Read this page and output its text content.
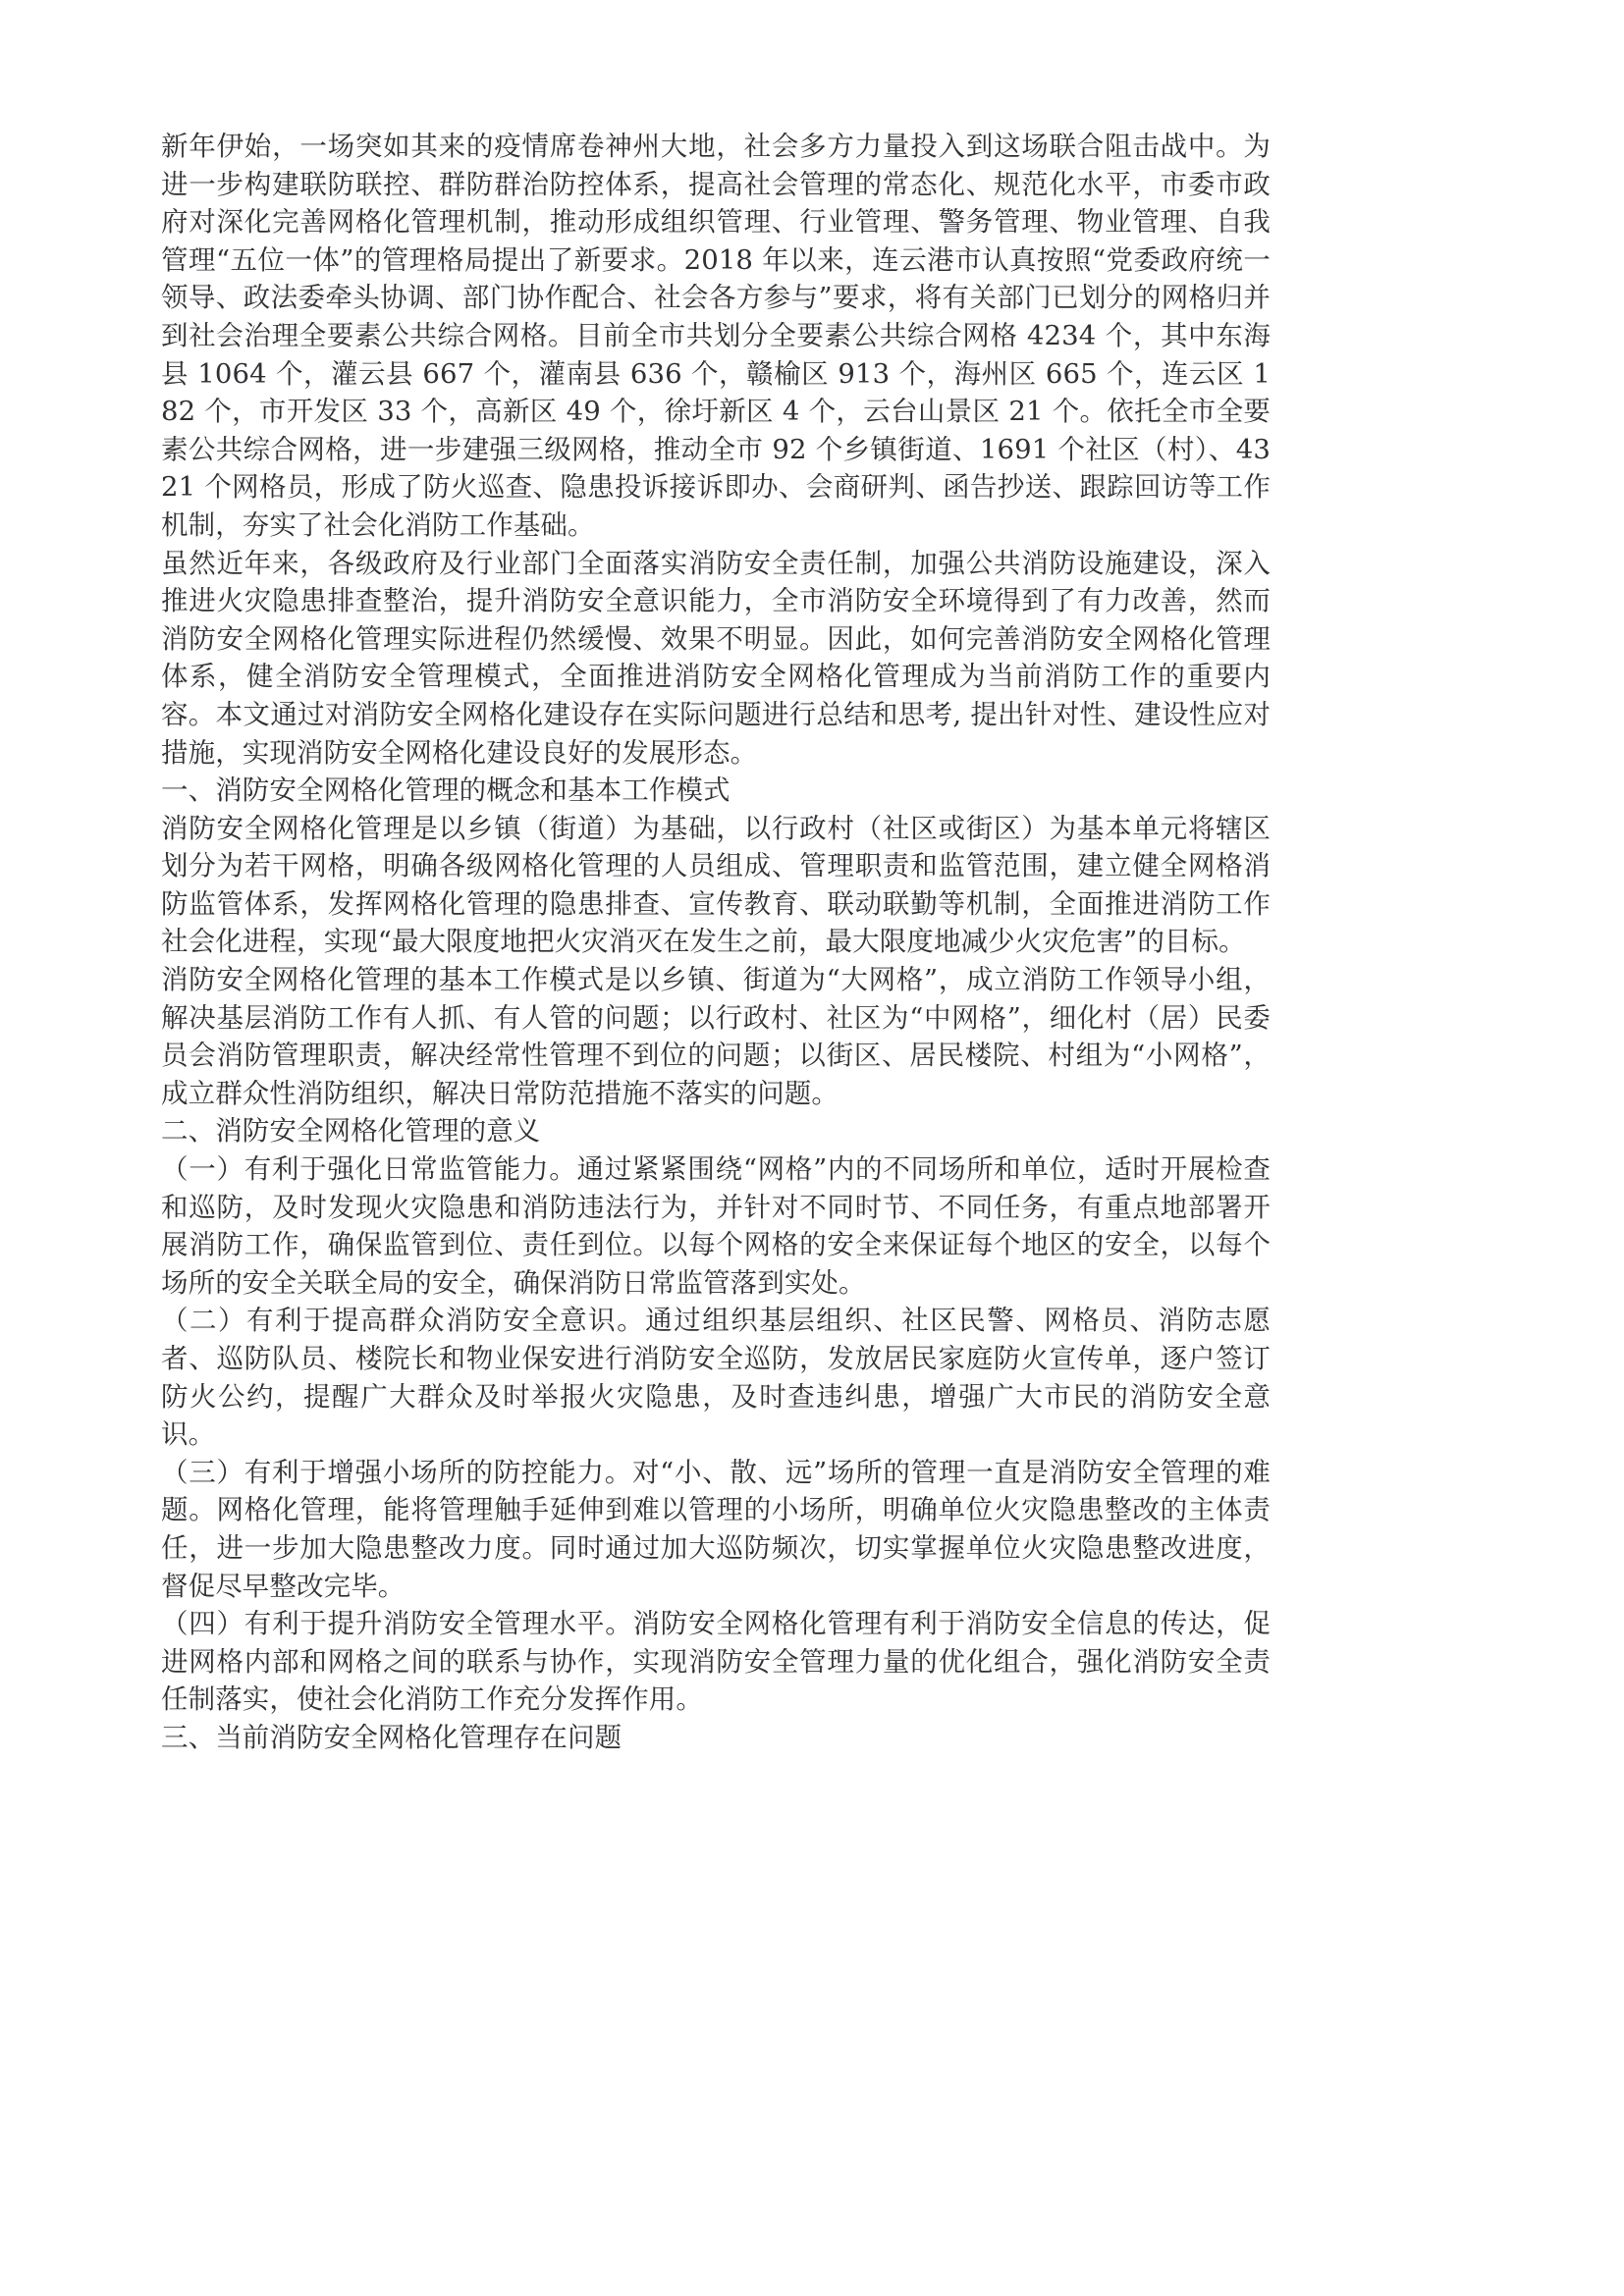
新年伊始，一场突如其来的疫情席卷神州大地，社会多方力量投入到这场联合阻击战中。为进一步构建联防联控、群防群治防控体系，提高社会管理的常态化、规范化水平，市委市政府对深化完善网格化管理机制，推动形成组织管理、行业管理、警务管理、物业管理、自我管理“五位一体”的管理格局提出了新要求。2018 年以来，连云港市认真按照“党委政府统一领导、政法委牵头协调、部门协作配合、社会各方参与”要求，将有关部门已划分的网格归并到社会治理全要素公共综合网格。目前全市共划分全要素公共综合网格 4234 个，其中东海县 1064 个，灌云县 667 个，灌南县 636 个，赣榆区 913 个，海州区 665 个，连云区 182 个，市开发区 33 个，高新区 49 个，徐圩新区 4 个，云台山景区 21 个。依托全市全要素公共综合网格，进一步建强三级网格，推动全市 92 个乡镇街道、1691 个社区（村）、4321 个网格员，形成了防火巡查、隐患投诉接诉即办、会商研判、函告抄送、跟踪回访等工作机制，夯实了社会化消防工作基础。

虽然近年来，各级政府及行业部门全面落实消防安全责任制，加强公共消防设施建设，深入推进火灾隐患排查整治，提升消防安全意识能力，全市消防安全环境得到了有力改善，然而消防安全网格化管理实际进程仍然缓慢、效果不明显。因此，如何完善消防安全网格化管理体系，健全消防安全管理模式，全面推进消防安全网格化管理成为当前消防工作的重要内容。本文通过对消防安全网格化建设存在实际问题进行总结和思考, 提出针对性、建设性应对措施，实现消防安全网格化建设良好的发展形态。

一、消防安全网格化管理的概念和基本工作模式

消防安全网格化管理是以乡镇（街道）为基础，以行政村（社区或街区）为基本单元将辖区划分为若干网格，明确各级网格化管理的人员组成、管理职责和监管范围，建立健全网格消防监管体系，发挥网格化管理的隐患排查、宣传教育、联动联勤等机制，全面推进消防工作社会化进程，实现“最大限度地把火灾消灭在发生之前，最大限度地减少火灾危害”的目标。

消防安全网格化管理的基本工作模式是以乡镇、街道为“大网格”，成立消防工作领导小组，解决基层消防工作有人抓、有人管的问题；以行政村、社区为“中网格”，细化村（居）民委员会消防管理职责，解决经常性管理不到位的问题；以街区、居民楼院、村组为“小网格”，成立群众性消防组织，解决日常防范措施不落实的问题。

二、消防安全网格化管理的意义

（一）有利于强化日常监管能力。通过紧紧围绕“网格”内的不同场所和单位，适时开展检查和巡防，及时发现火灾隐患和消防违法行为，并针对不同时节、不同任务，有重点地部署开展消防工作，确保监管到位、责任到位。以每个网格的安全来保证每个地区的安全，以每个场所的安全关联全局的安全，确保消防日常监管落到实处。

（二）有利于提高群众消防安全意识。通过组织基层组织、社区民警、网格员、消防志愿者、巡防队员、楼院长和物业保安进行消防安全巡防，发放居民家庭防火宣传单，逐户签订防火公约，提醒广大群众及时举报火灾隐患，及时查违纠患，增强广大市民的消防安全意识。

（三）有利于增强小场所的防控能力。对“小、散、远”场所的管理一直是消防安全管理的难题。网格化管理，能将管理触手延伸到难以管理的小场所，明确单位火灾隐患整改的主体责任，进一步加大隐患整改力度。同时通过加大巡防频次，切实掌握单位火灾隐患整改进度，督促尽早整改完毕。

（四）有利于提升消防安全管理水平。消防安全网格化管理有利于消防安全信息的传达，促进网格内部和网格之间的联系与协作，实现消防安全管理力量的优化组合，强化消防安全责任制落实，使社会化消防工作充分发挥作用。

三、当前消防安全网格化管理存在问题
